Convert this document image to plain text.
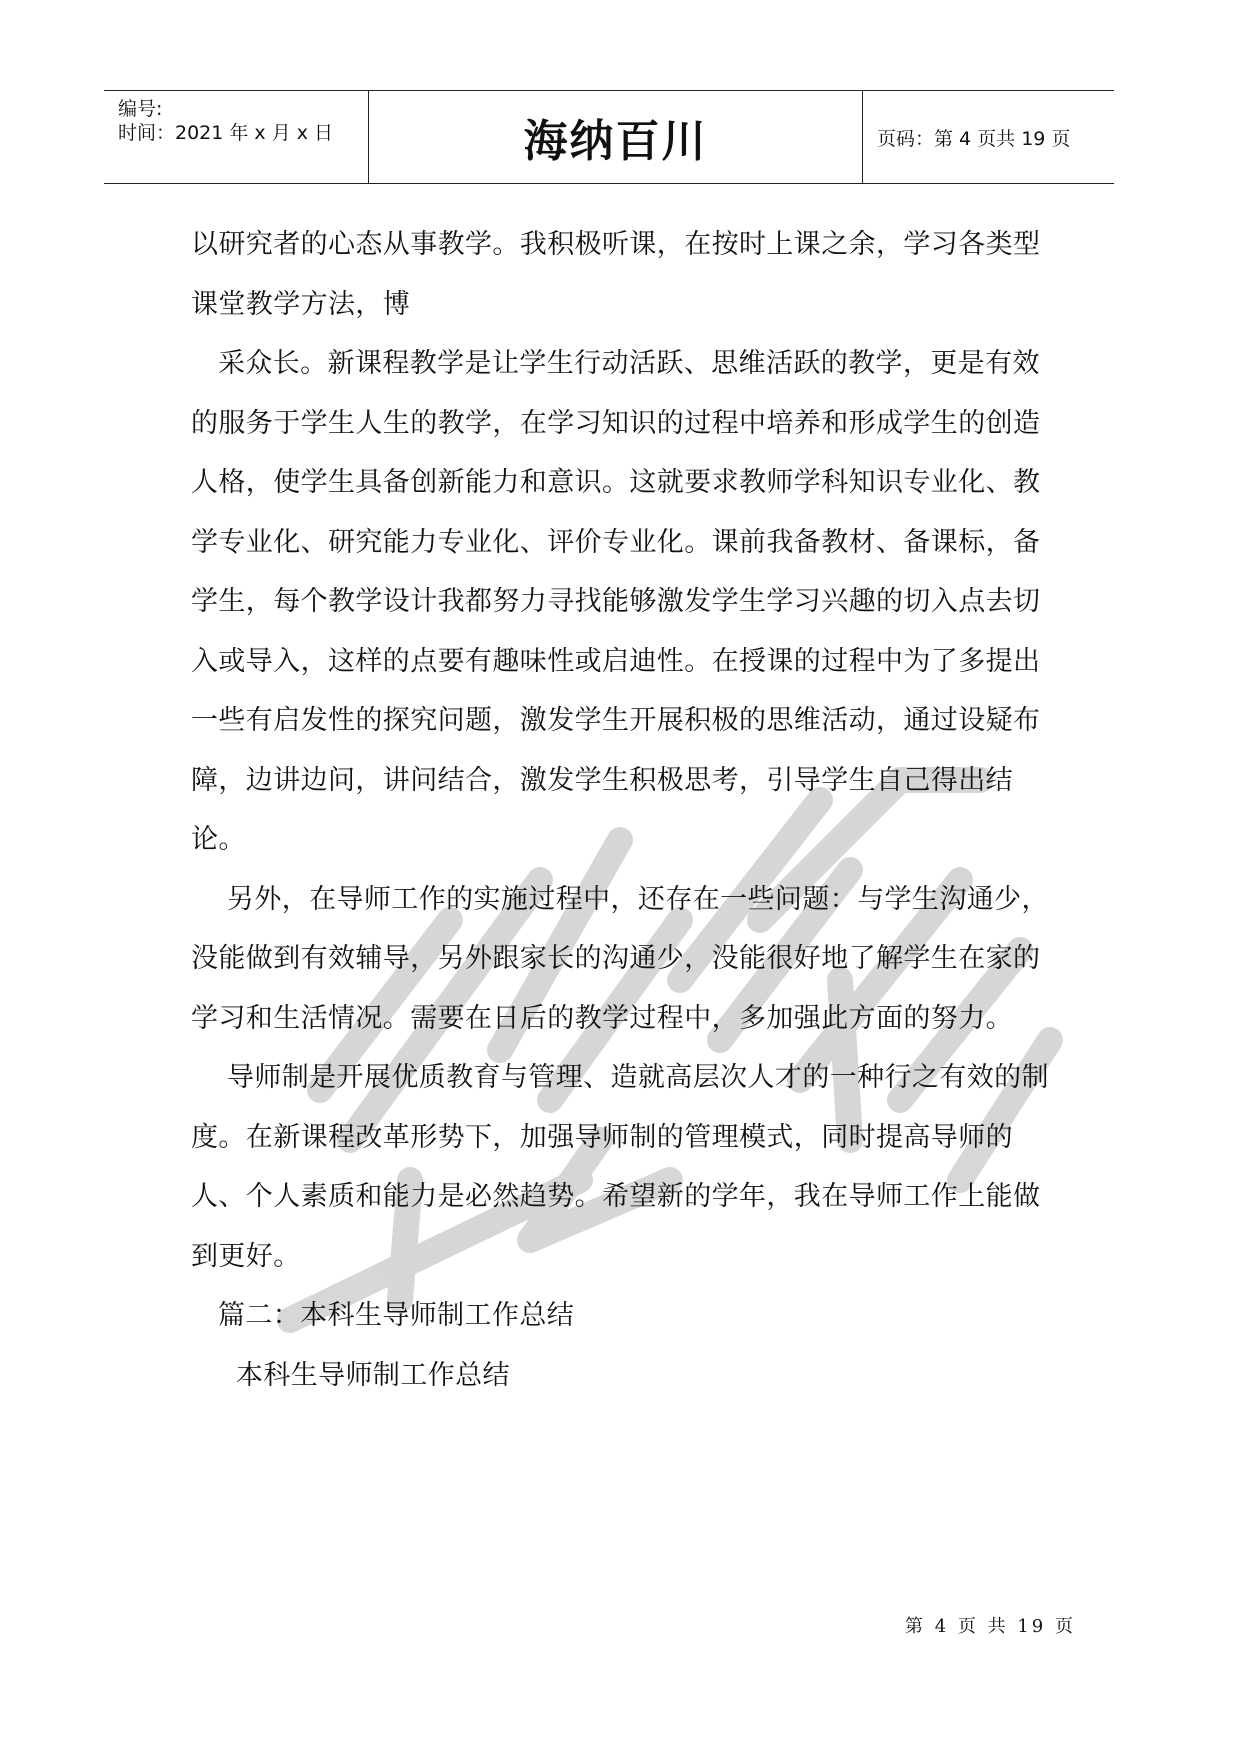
编号:
时间：2021 年 x 月 x 日	海纳百川	页码：第 4 页共 19 页

以研究者的心态从事教学。我积极听课，在按时上课之余，学习各类型课堂教学方法，博

采众长。新课程教学是让学生行动活跃、思维活跃的教学，更是有效的服务于学生人生的教学，在学习知识的过程中培养和形成学生的创造人格，使学生具备创新能力和意识。这就要求教师学科知识专业化、教学专业化、研究能力专业化、评价专业化。课前我备教材、备课标，备学生，每个教学设计我都努力寻找能够激发学生学习兴趣的切入点去切入或导入，这样的点要有趣味性或启迪性。在授课的过程中为了多提出一些有启发性的探究问题，激发学生开展积极的思维活动，通过设疑布障，边讲边问，讲问结合，激发学生积极思考，引导学生自己得出结论。

另外，在导师工作的实施过程中，还存在一些问题：与学生沟通少，没能做到有效辅导，另外跟家长的沟通少，没能很好地了解学生在家的学习和生活情况。需要在日后的教学过程中，多加强此方面的努力。

导师制是开展优质教育与管理、造就高层次人才的一种行之有效的制度。在新课程改革形势下，加强导师制的管理模式，同时提高导师的人、个人素质和能力是必然趋势。希望新的学年，我在导师工作上能做到更好。

篇二：本科生导师制工作总结

本科生导师制工作总结

第 4 页 共 19 页
